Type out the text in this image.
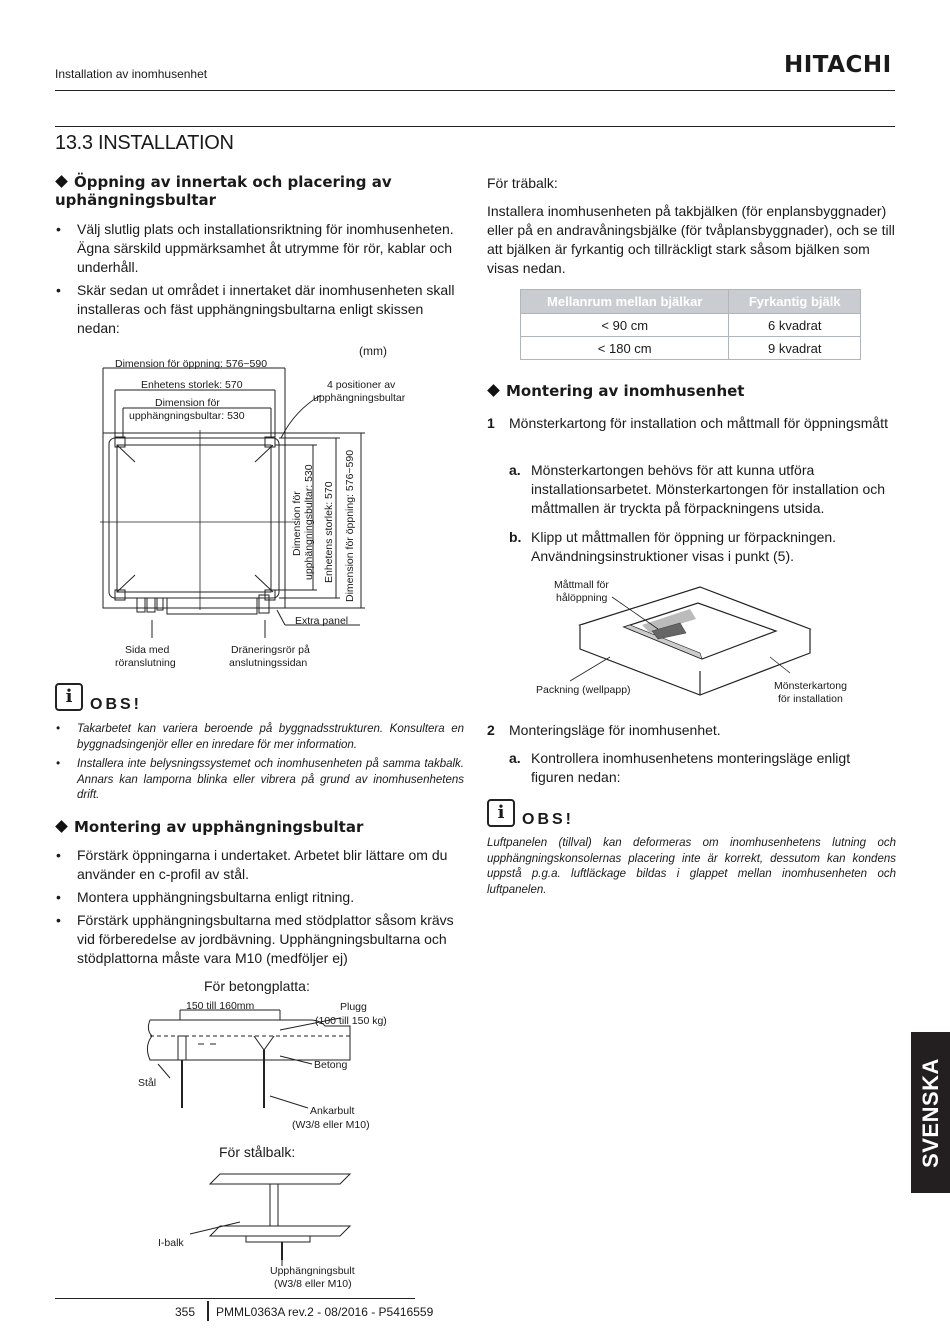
Installation av inomhusenhet	HITACHI
13.3 INSTALLATION
Öppning av innertak och placering av uphängningsbultar
• Välj slutlig plats och installationsriktning för inomhusenheten. Ägna särskild uppmärksamhet åt utrymme för rör, kablar och underhåll.
• Skär sedan ut området i innertaket där inomhusenheten skall installeras och fäst upphängningsbultarna enligt skissen nedan:
Dimension för öppning: 576~590
(mm)
Enhetens storlek: 570
Dimension för
upphängningsbultar: 530
4 positioner av
upphängningsbultar
Dimension för upphängningsbultar: 530 Enhetens storlek: 570 Dimension för öppning: 576~590
Extra panel
Sida med
röranslutning
Dräneringsrör på
anslutningssidan
i	OBS!
• Takarbetet kan variera beroende på byggnadsstrukturen. Konsultera en byggnadsingenjör eller en inredare för mer information.
• Installera inte belysningssystemet och inomhusenheten på samma takbalk. Annars kan lamporna blinka eller vibrera på grund av inomhusenhetens drift.
Montering av upphängningsbultar
• Förstärk öppningarna i undertaket. Arbetet blir lättare om du använder en c-profil av stål.
• Montera upphängningsbultarna enligt ritning.
• Förstärk upphängningsbultarna med stödplattor såsom krävs vid förberedelse av jordbävning. Upphängningsbultarna och stödplattorna måste vara M10 (medföljer ej)
För betongplatta:
150 till 160mm	Plugg
(100 till 150 kg)
Betong
Stål
Ankarbult
(W3/8 eller M10)
För stålbalk:
I-balk
Upphängningsbult
(W3/8 eller M10)
För träbalk:
Installera inomhusenheten på takbjälken (för enplansbyggnader) eller på en andravåningsbjälke (för tvåplansbyggnader), och se till att bjälken är fyrkantig och tillräckligt stark såsom bjälken som visas nedan.
Mellanrum mellan bjälkar	Fyrkantig bjälk
< 90 cm	6 kvadrat
< 180 cm	9 kvadrat
Montering av inomhusenhet
1 Mönsterkartong för installation och måttmall för öppningsmått
a. Mönsterkartongen behövs för att kunna utföra installationsarbetet. Mönsterkartongen för installation och måttmallen är tryckta på förpackningens utsida.
b. Klipp ut måttmallen för öppning ur förpackningen. Användningsinstruktioner visas i punkt (5).
Måttmall för
hålöppning
Packning (wellpapp)	Mönsterkartong
för installation
2 Monteringsläge för inomhusenhet.
a. Kontrollera inomhusenhetens monteringsläge enligt figuren nedan:
i	OBS!
Luftpanelen (tillval) kan deformeras om inomhusenhetens lutning och upphängningskonsolernas placering inte är korrekt, dessutom kan kondens uppstå p.g.a. luftläckage bildas i glappet mellan inomhusenheten och luftpanelen.
SVENSKA
355 PMML0363A rev.2 - 08/2016 - P5416559
